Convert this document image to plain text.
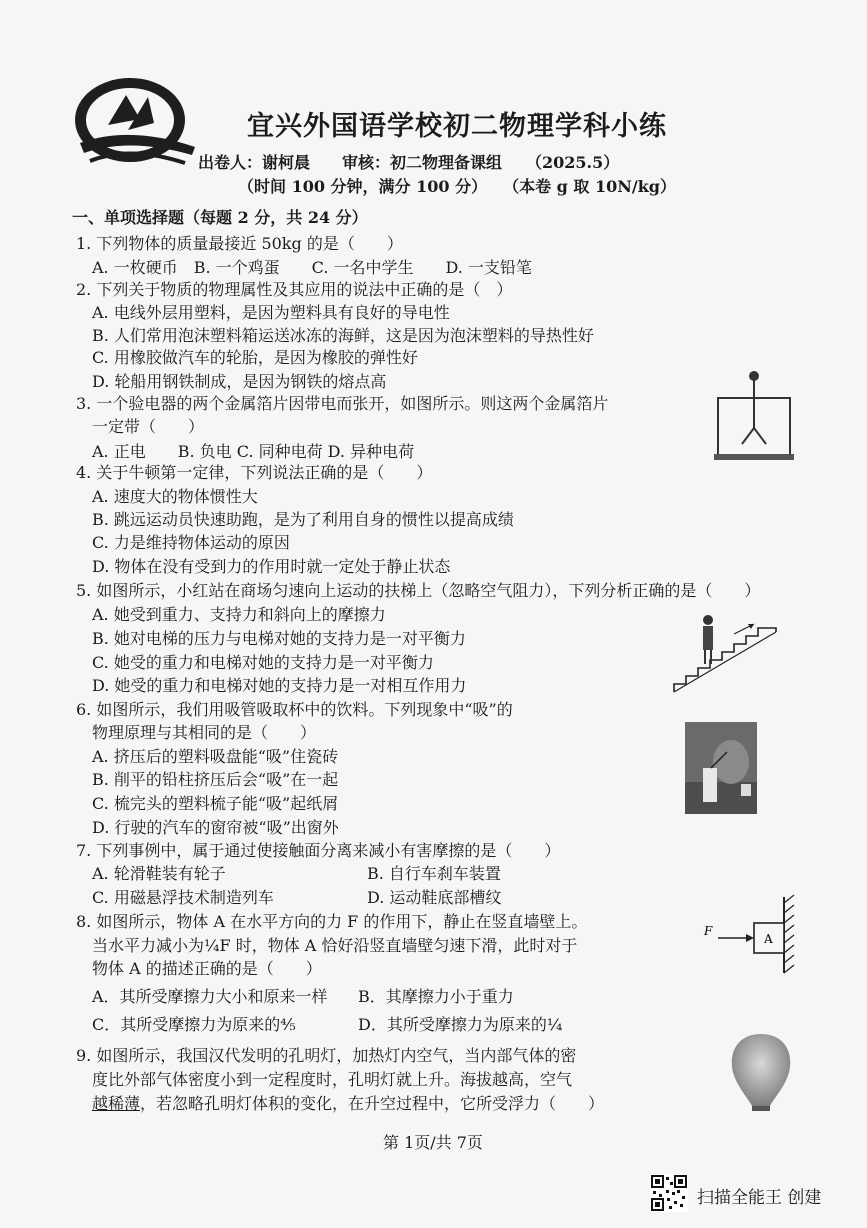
宜兴外国语学校初二物理学科小练
出卷人：谢柯晨　　审核：初二物理备课组　　（2025.5）
（时间 100 分钟，满分 100 分）　　（本卷 g 取 10N/kg）
一、单项选择题（每题 2 分，共 24 分）
1. 下列物体的质量最接近 50kg 的是（　　）
A. 一枚硬币　B. 一个鸡蛋　　C. 一名中学生　　D. 一支铅笔
2. 下列关于物质的物理属性及其应用的说法中正确的是（　）
A. 电线外层用塑料，是因为塑料具有良好的导电性
B. 人们常用泡沫塑料箱运送冰冻的海鲜，这是因为泡沫塑料的导热性好
C. 用橡胶做汽车的轮胎，是因为橡胶的弹性好
D. 轮船用钢铁制成，是因为钢铁的熔点高
3. 一个验电器的两个金属箔片因带电而张开，如图所示。则这两个金属箔片
一定带（　　）
A. 正电　　B. 负电 C. 同种电荷 D. 异种电荷
4. 关于牛顿第一定律，下列说法正确的是（　　）
A. 速度大的物体惯性大
B. 跳远运动员快速助跑，是为了利用自身的惯性以提高成绩
C. 力是维持物体运动的原因
D. 物体在没有受到力的作用时就一定处于静止状态
5. 如图所示，小红站在商场匀速向上运动的扶梯上（忽略空气阻力），下列分析正确的是（　　）
A. 她受到重力、支持力和斜向上的摩擦力
B. 她对电梯的压力与电梯对她的支持力是一对平衡力
C. 她受的重力和电梯对她的支持力是一对平衡力
D. 她受的重力和电梯对她的支持力是一对相互作用力
6. 如图所示，我们用吸管吸取杯中的饮料。下列现象中“吸”的
物理原理与其相同的是（　　）
A. 挤压后的塑料吸盘能“吸”住瓷砖
B. 削平的铅柱挤压后会“吸”在一起
C. 梳完头的塑料梳子能“吸”起纸屑
D. 行驶的汽车的窗帘被“吸”出窗外
7. 下列事例中，属于通过使接触面分离来减小有害摩擦的是（　　）
A. 轮滑鞋装有轮子	B. 自行车刹车装置
C. 用磁悬浮技术制造列车	D. 运动鞋底部槽纹
8. 如图所示，物体 A 在水平方向的力 F 的作用下，静止在竖直墙壁上。
当水平力减小为¼F 时，物体 A 恰好沿竖直墙壁匀速下滑，此时对于
物体 A 的描述正确的是（　　）
A．其所受摩擦力大小和原来一样 B．其摩擦力小于重力
C．其所受摩擦力为原来的⅘	D．其所受摩擦力为原来的¼
F
A
9. 如图所示，我国汉代发明的孔明灯，加热灯内空气，当内部气体的密
度比外部气体密度小到一定程度时，孔明灯就上升。海拔越高，空气
越稀薄，若忽略孔明灯体积的变化，在升空过程中，它所受浮力（　　）
第 1页/共 7页
扫描全能王 创建
